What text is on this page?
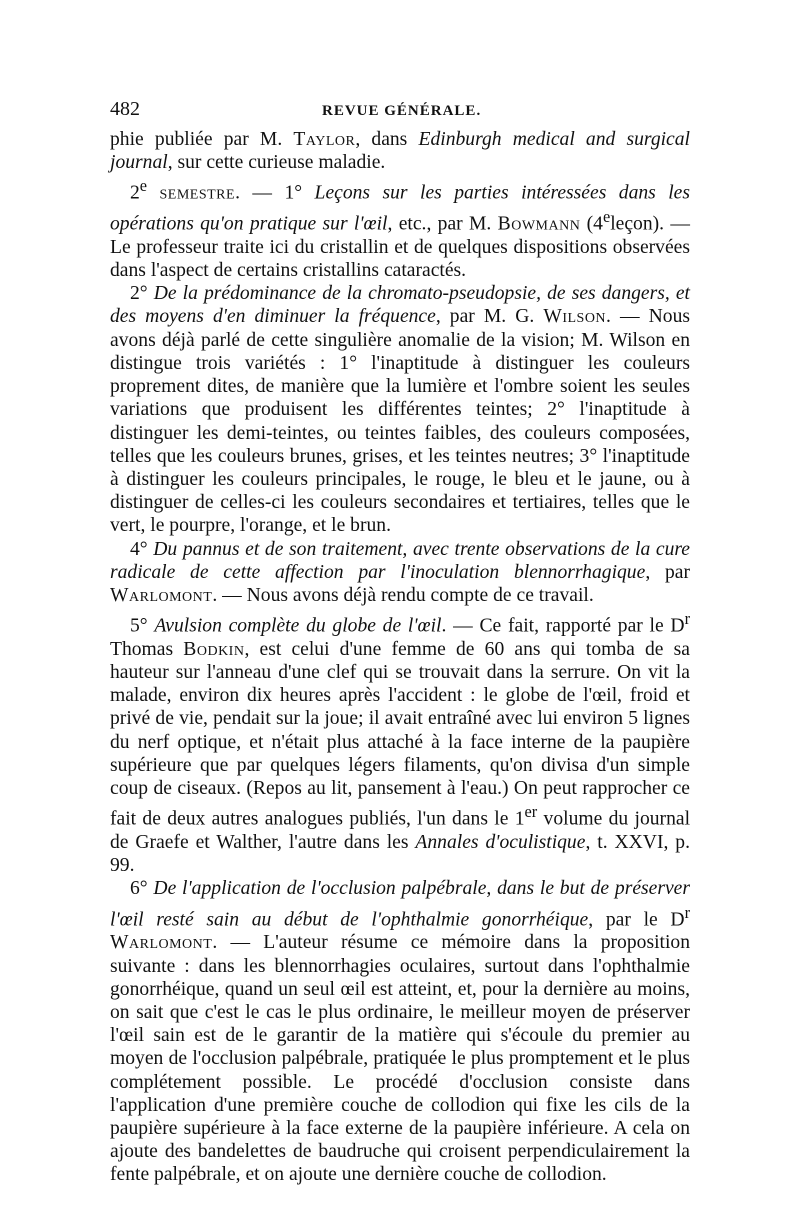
482	REVUE GÉNÉRALE.

phie publiée par M. Taylor, dans Edinburgh medical and surgical journal, sur cette curieuse maladie.

2e semestre. — 1° Leçons sur les parties intéressées dans les opérations qu'on pratique sur l'œil, etc., par M. Bowmann (4eleçon). — Le professeur traite ici du cristallin et de quelques dispositions observées dans l'aspect de certains cristallins cataractés.

2° De la prédominance de la chromato-pseudopsie, de ses dangers, et des moyens d'en diminuer la fréquence, par M. G. Wilson. — Nous avons déjà parlé de cette singulière anomalie de la vision; M. Wilson en distingue trois variétés : 1° l'inaptitude à distinguer les couleurs proprement dites, de manière que la lumière et l'ombre soient les seules variations que produisent les différentes teintes; 2° l'inaptitude à distinguer les demi-teintes, ou teintes faibles, des couleurs composées, telles que les couleurs brunes, grises, et les teintes neutres; 3° l'inaptitude à distinguer les couleurs principales, le rouge, le bleu et le jaune, ou à distinguer de celles-ci les couleurs secondaires et tertiaires, telles que le vert, le pourpre, l'orange, et le brun.

4° Du pannus et de son traitement, avec trente observations de la cure radicale de cette affection par l'inoculation blennorrhagique, par Warlomont. — Nous avons déjà rendu compte de ce travail.

5° Avulsion complète du globe de l'œil. — Ce fait, rapporté par le $D^r$ Thomas Bodkin, est celui d'une femme de 60 ans qui tomba de sa hauteur sur l'anneau d'une clef qui se trouvait dans la serrure. On vit la malade, environ dix heures après l'accident : le globe de l'œil, froid et privé de vie, pendait sur la joue; il avait entraîné avec lui environ 5 lignes du nerf optique, et n'était plus attaché à la face interne de la paupière supérieure que par quelques légers filaments, qu'on divisa d'un simple coup de ciseaux. (Repos au lit, pansement à l'eau.) On peut rapprocher ce fait de deux autres analogues publiés, l'un dans le 1er volume du journal de Graefe et Walther, l'autre dans les Annales d'oculistique, t. XXVI, p. 99.

6° De l'application de l'occlusion palpébrale, dans le but de préserver l'œil resté sain au début de l'ophthalmie gonorrhéique, par le $D^r$ Warlomont. — L'auteur résume ce mémoire dans la proposition suivante : dans les blennorrhagies oculaires, surtout dans l'ophthalmie gonorrhéique, quand un seul œil est atteint, et, pour la dernière au moins, on sait que c'est le cas le plus ordinaire, le meilleur moyen de préserver l'œil sain est de le garantir de la matière qui s'écoule du premier au moyen de l'occlusion palpébrale, pratiquée le plus promptement et le plus complétement possible. Le procédé d'occlusion consiste dans l'application d'une première couche de collodion qui fixe les cils de la paupière supérieure à la face externe de la paupière inférieure. A cela on ajoute des bandelettes de baudruche qui croisent perpendiculairement la fente palpébrale, et on ajoute une dernière couche de collodion.
